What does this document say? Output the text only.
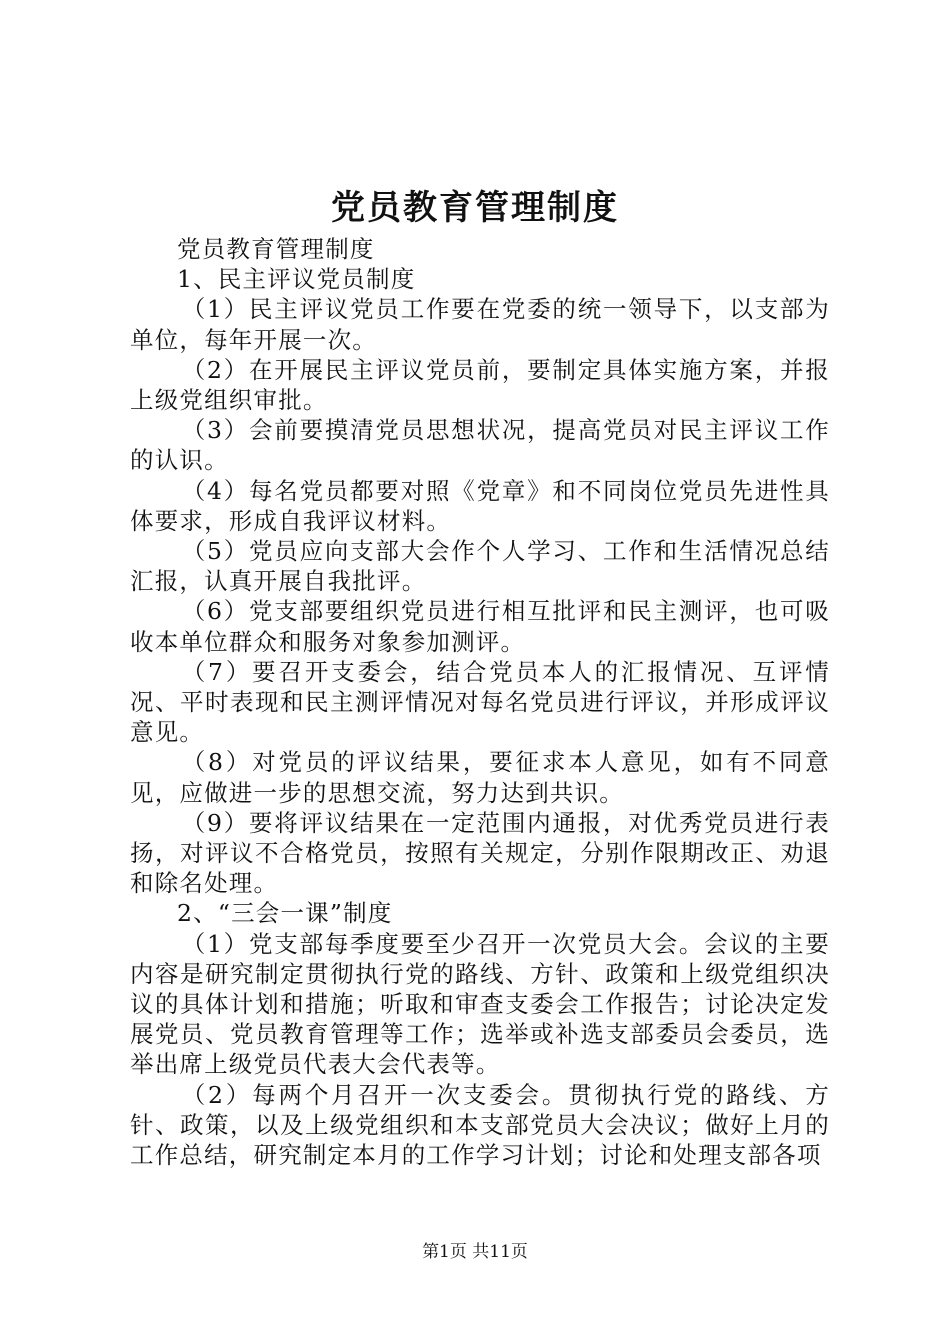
党员教育管理制度

党员教育管理制度

1、民主评议党员制度

（1）民主评议党员工作要在党委的统一领导下，以支部为单位，每年开展一次。

（2）在开展民主评议党员前，要制定具体实施方案，并报上级党组织审批。

（3）会前要摸清党员思想状况，提高党员对民主评议工作的认识。

（4）每名党员都要对照《党章》和不同岗位党员先进性具体要求，形成自我评议材料。

（5）党员应向支部大会作个人学习、工作和生活情况总结汇报，认真开展自我批评。

（6）党支部要组织党员进行相互批评和民主测评，也可吸收本单位群众和服务对象参加测评。

（7）要召开支委会，结合党员本人的汇报情况、互评情况、平时表现和民主测评情况对每名党员进行评议，并形成评议意见。

（8）对党员的评议结果，要征求本人意见，如有不同意见，应做进一步的思想交流，努力达到共识。

（9）要将评议结果在一定范围内通报，对优秀党员进行表扬，对评议不合格党员，按照有关规定，分别作限期改正、劝退和除名处理。

2、“三会一课”制度

（1）党支部每季度要至少召开一次党员大会。会议的主要内容是研究制定贯彻执行党的路线、方针、政策和上级党组织决议的具体计划和措施；听取和审查支委会工作报告；讨论决定发展党员、党员教育管理等工作；选举或补选支部委员会委员，选举出席上级党员代表大会代表等。

（2）每两个月召开一次支委会。贯彻执行党的路线、方针、政策，以及上级党组织和本支部党员大会决议；做好上月的工作总结，研究制定本月的工作学习计划；讨论和处理支部各项

第1页 共11页
